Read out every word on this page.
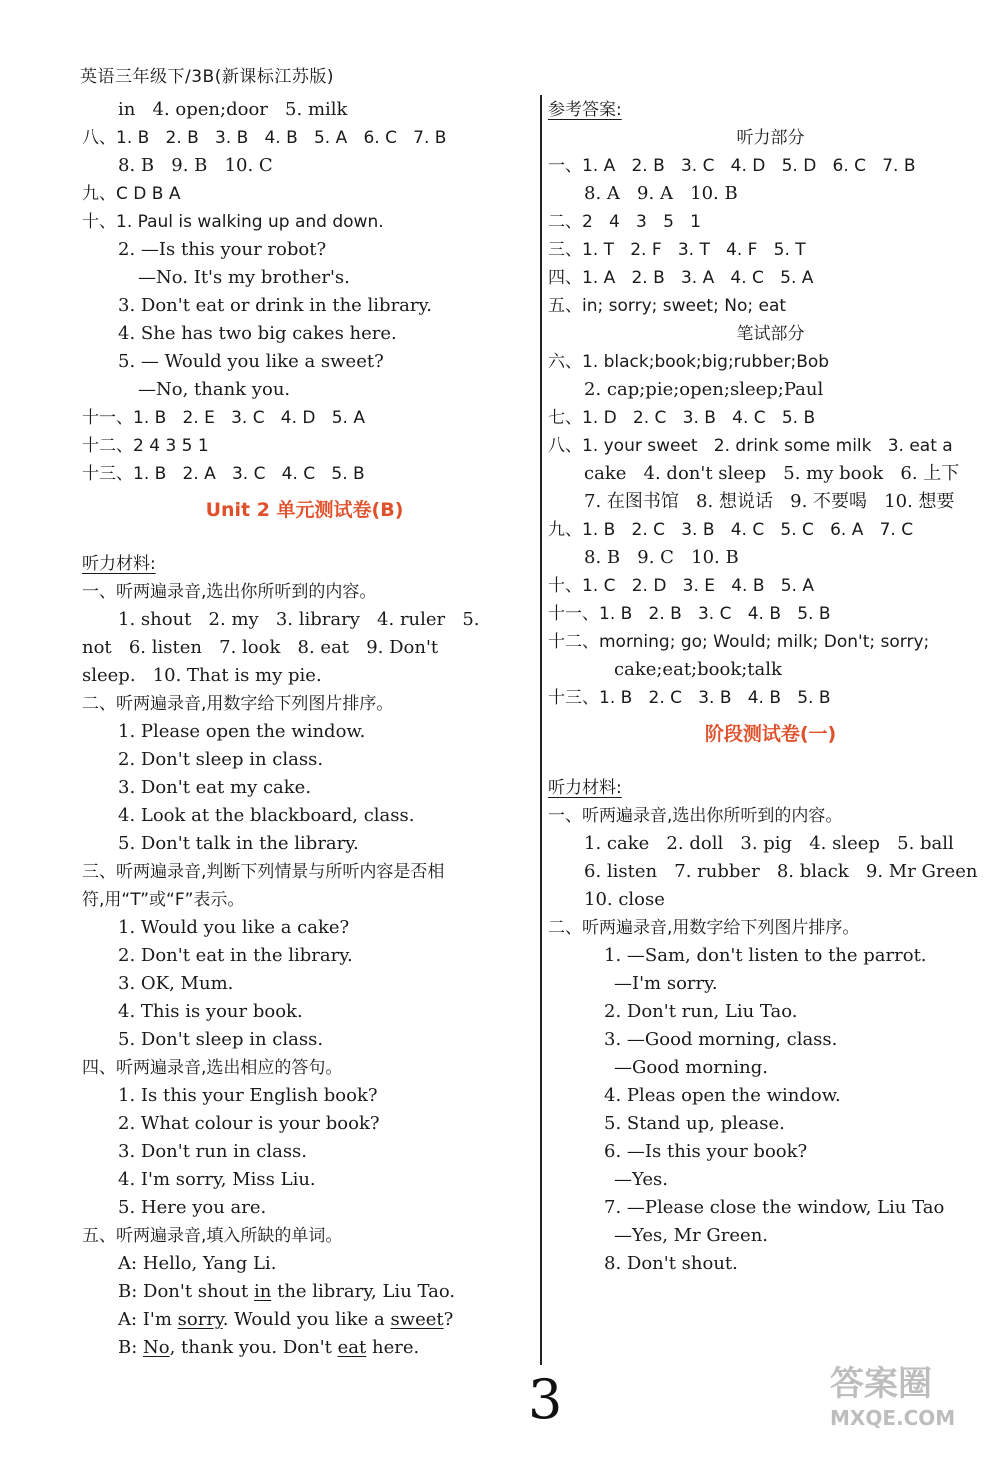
英语三年级下/3B(新课标江苏版)
in   4. open;door   5. milk
八、1. B   2. B   3. B   4. B   5. A   6. C   7. B
8. B   9. B   10. C
九、C D B A
十、1. Paul is walking up and down.
2. —Is this your robot?
—No. It's my brother's.
3. Don't eat or drink in the library.
4. She has two big cakes here.
5. — Would you like a sweet?
—No, thank you.
十一、1. B   2. E   3. C   4. D   5. A
十二、2 4 3 5 1
十三、1. B   2. A   3. C   4. C   5. B
Unit 2 单元测试卷(B)
听力材料:
一、听两遍录音,选出你所听到的内容。
1. shout   2. my   3. library   4. ruler   5.
not   6. listen   7. look   8. eat   9. Don't
sleep.   10. That is my pie.
二、听两遍录音,用数字给下列图片排序。
1. Please open the window.
2. Don't sleep in class.
3. Don't eat my cake.
4. Look at the blackboard, class.
5. Don't talk in the library.
三、听两遍录音,判断下列情景与所听内容是否相
符,用“T”或“F”表示。
1. Would you like a cake?
2. Don't eat in the library.
3. OK, Mum.
4. This is your book.
5. Don't sleep in class.
四、听两遍录音,选出相应的答句。
1. Is this your English book?
2. What colour is your book?
3. Don't run in class.
4. I'm sorry, Miss Liu.
5. Here you are.
五、听两遍录音,填入所缺的单词。
A: Hello, Yang Li.
B: Don't shout in the library, Liu Tao.
A: I'm sorry. Would you like a sweet?
B: No, thank you. Don't eat here.
参考答案:
听力部分
一、1. A   2. B   3. C   4. D   5. D   6. C   7. B
8. A   9. A   10. B
二、2   4   3   5   1
三、1. T   2. F   3. T   4. F   5. T
四、1. A   2. B   3. A   4. C   5. A
五、in; sorry; sweet; No; eat
笔试部分
六、1. black;book;big;rubber;Bob
2. cap;pie;open;sleep;Paul
七、1. D   2. C   3. B   4. C   5. B
八、1. your sweet   2. drink some milk   3. eat a
cake   4. don't sleep   5. my book   6. 上下
7. 在图书馆   8. 想说话   9. 不要喝   10. 想要
九、1. B   2. C   3. B   4. C   5. C   6. A   7. C
8. B   9. C   10. B
十、1. C   2. D   3. E   4. B   5. A
十一、1. B   2. B   3. C   4. B   5. B
十二、morning; go; Would; milk; Don't; sorry;
cake;eat;book;talk
十三、1. B   2. C   3. B   4. B   5. B
阶段测试卷(一)
听力材料:
一、听两遍录音,选出你所听到的内容。
1. cake   2. doll   3. pig   4. sleep   5. ball
6. listen   7. rubber   8. black   9. Mr Green
10. close
二、听两遍录音,用数字给下列图片排序。
1. —Sam, don't listen to the parrot.
—I'm sorry.
2. Don't run, Liu Tao.
3. —Good morning, class.
—Good morning.
4. Pleas open the window.
5. Stand up, please.
6. —Is this your book?
—Yes.
7. —Please close the window, Liu Tao
—Yes, Mr Green.
8. Don't shout.
3	答案圈
MXQE.COM
